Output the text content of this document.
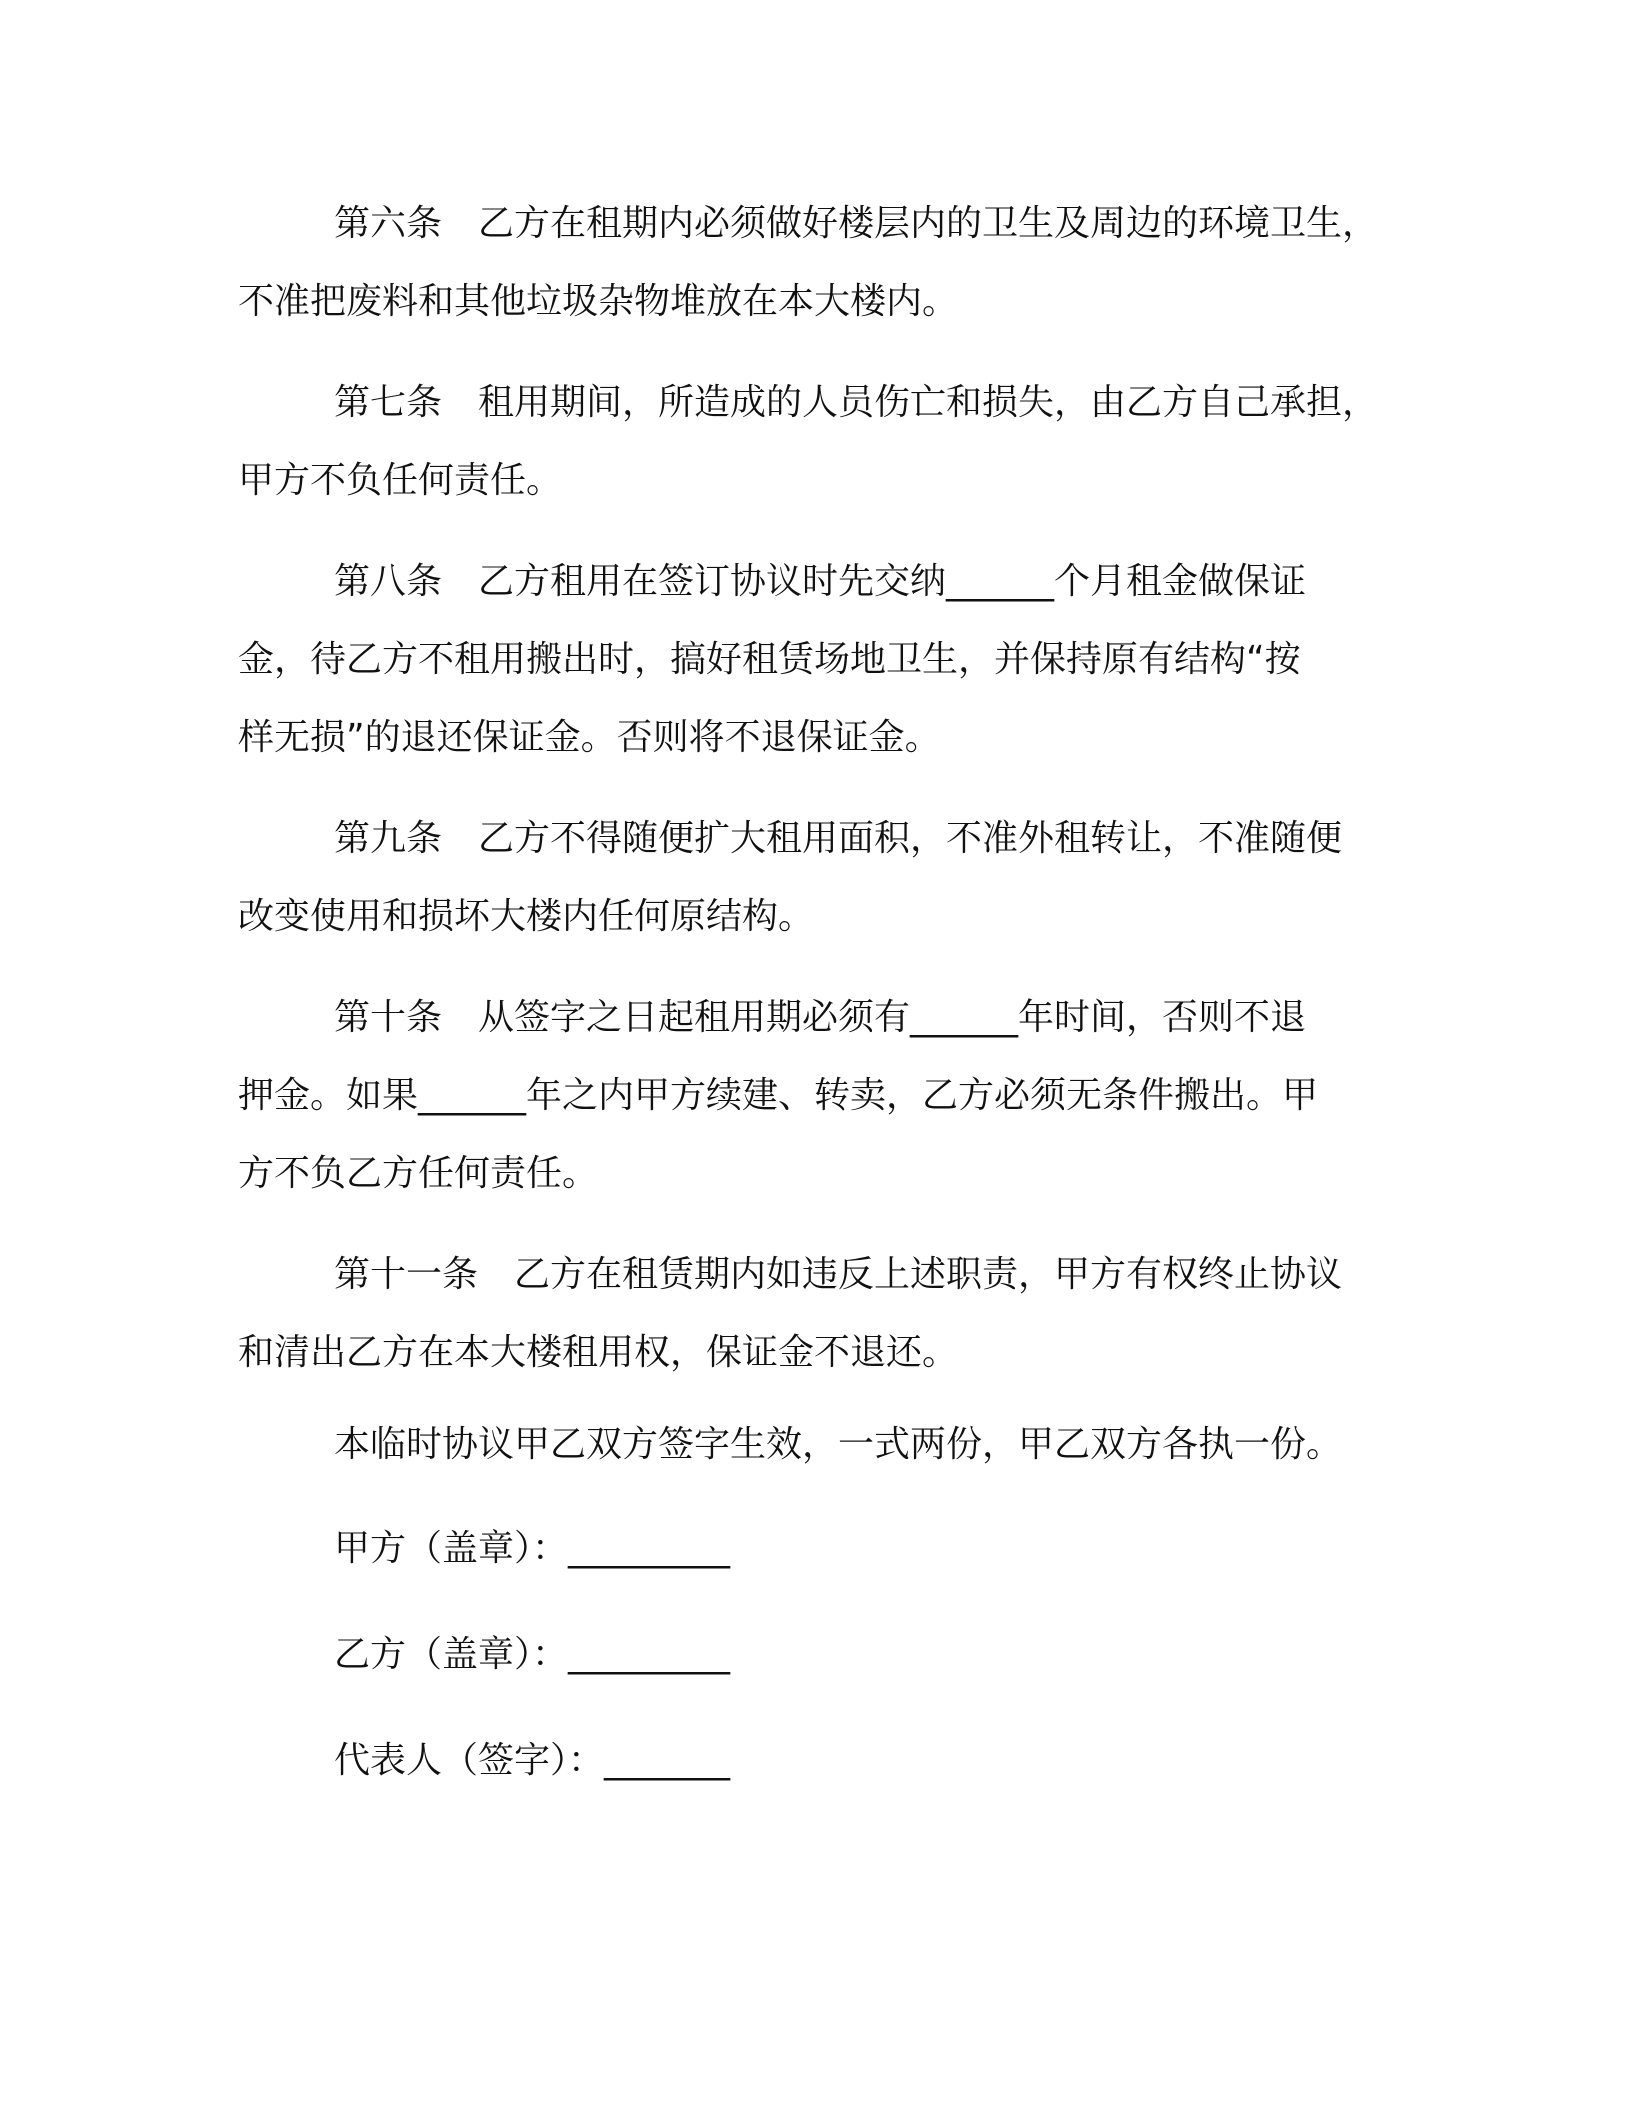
第六条　乙方在租期内必须做好楼层内的卫生及周边的环境卫生，
不准把废料和其他垃圾杂物堆放在本大楼内。
第七条　租用期间，所造成的人员伤亡和损失，由乙方自己承担，
甲方不负任何责任。
第八条　乙方租用在签订协议时先交纳______个月租金做保证
金，待乙方不租用搬出时，搞好租赁场地卫生，并保持原有结构“按
样无损”的退还保证金。否则将不退保证金。
第九条　乙方不得随便扩大租用面积，不准外租转让，不准随便
改变使用和损坏大楼内任何原结构。
第十条　从签字之日起租用期必须有______年时间，否则不退
押金。如果______年之内甲方续建、转卖，乙方必须无条件搬出。甲
方不负乙方任何责任。
第十一条　乙方在租赁期内如违反上述职责，甲方有权终止协议
和清出乙方在本大楼租用权，保证金不退还。
本临时协议甲乙双方签字生效，一式两份，甲乙双方各执一份。
甲方（盖章）：_________
乙方（盖章）：_________
代表人（签字）：_______
